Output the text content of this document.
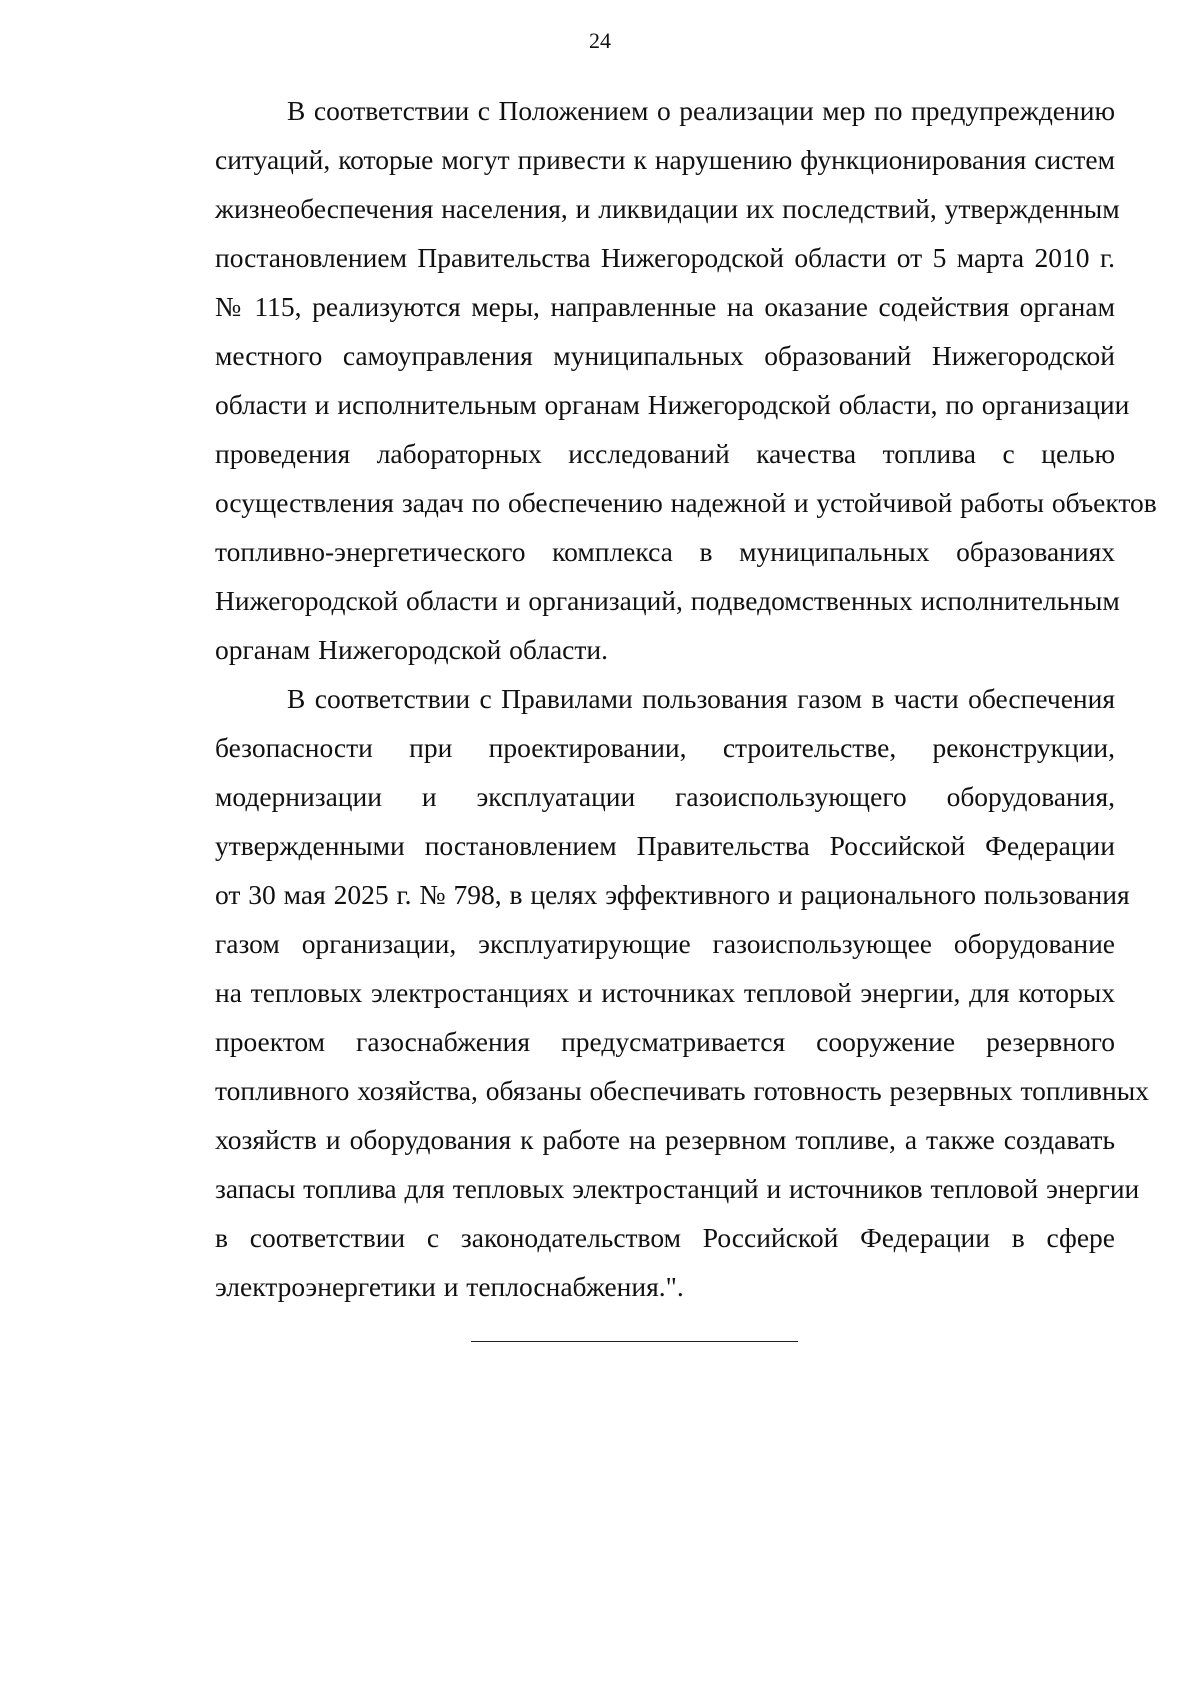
24
В соответствии с Положением о реализации мер по предупреждению
ситуаций, которые могут привести к нарушению функционирования систем
жизнеобеспечения населения, и ликвидации их последствий, утвержденным
постановлением Правительства Нижегородской области от 5 марта 2010 г.
№ 115, реализуются меры, направленные на оказание содействия органам
местного самоуправления муниципальных образований Нижегородской
области и исполнительным органам Нижегородской области, по организации
проведения лабораторных исследований качества топлива с целью
осуществления задач по обеспечению надежной и устойчивой работы объектов
топливно-энергетического комплекса в муниципальных образованиях
Нижегородской области и организаций, подведомственных исполнительным
органам Нижегородской области.
В соответствии с Правилами пользования газом в части обеспечения
безопасности при проектировании, строительстве, реконструкции,
модернизации и эксплуатации газоиспользующего оборудования,
утвержденными постановлением Правительства Российской Федерации
от 30 мая 2025 г. № 798, в целях эффективного и рационального пользования
газом организации, эксплуатирующие газоиспользующее оборудование
на тепловых электростанциях и источниках тепловой энергии, для которых
проектом газоснабжения предусматривается сооружение резервного
топливного хозяйства, обязаны обеспечивать готовность резервных топливных
хозяйств и оборудования к работе на резервном топливе, а также создавать
запасы топлива для тепловых электростанций и источников тепловой энергии
в соответствии с законодательством Российской Федерации в сфере
электроэнергетики и теплоснабжения.".
